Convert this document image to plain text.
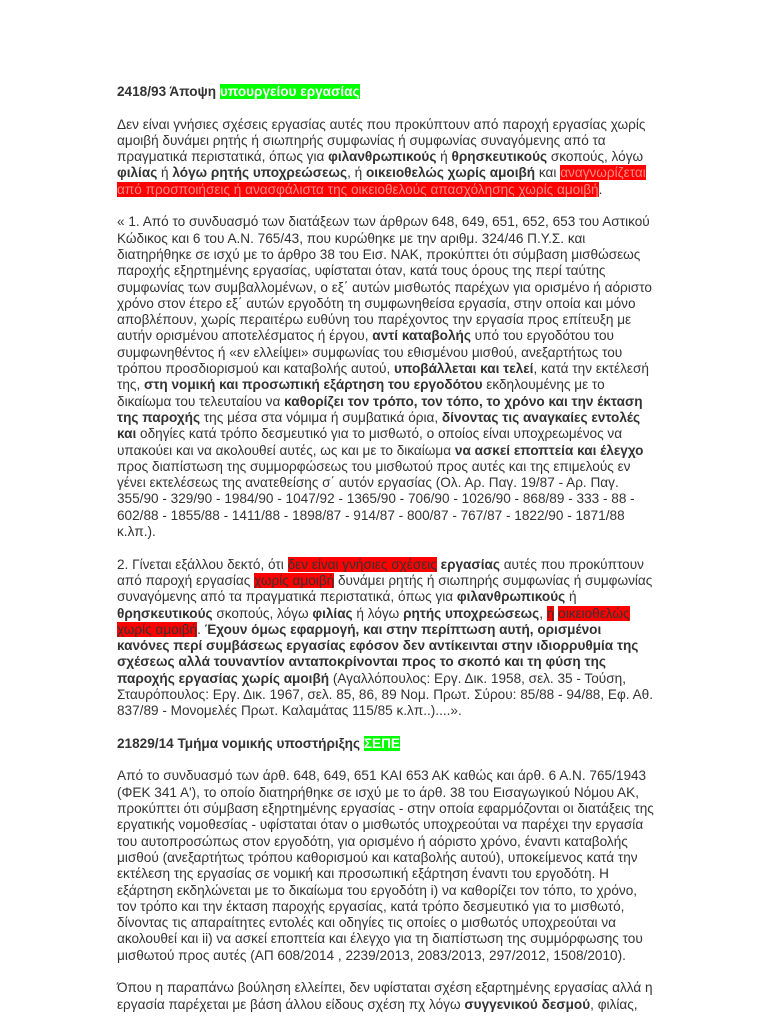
2418/93 Άποψη υπουργείου εργασίας

Δεν είναι γνήσιες σχέσεις εργασίας αυτές που προκύπτουν από παροχή εργασίας χωρίς αμοιβή δυνάμει ρητής ή σιωπηρής συμφωνίας ή συμφωνίας συναγόμενης από τα πραγματικά περιστατικά, όπως για φιλανθρωπικούς ή θρησκευτικούς σκοπούς, λόγω φιλίας ή λόγω ρητής υποχρεώσεως, ή οικειοθελώς χωρίς αμοιβή και αναγνωρίζεται από προσποιήσεις ή ανασφάλιστα της οικειοθελούς απασχόλησης χωρίς αμοιβή.

« 1. Από το συνδυασμό των διατάξεων των άρθρων 648, 649, 651, 652, 653 του Αστικού Κώδικος και 6 του Α.Ν. 765/43, που κυρώθηκε με την αριθμ. 324/46 Π.Υ.Σ. και διατηρήθηκε σε ισχύ με το άρθρο 38 του Εισ. ΝΑΚ, προκύπτει ότι σύμβαση μισθώσεως παροχής εξηρτημένης εργασίας, υφίσταται όταν, κατά τους όρους της περί ταύτης συμφωνίας των συμβαλλομένων, ο εξ΄ αυτών μισθωτός παρέχων για ορισμένο ή αόριστο χρόνο στον έτερο εξ΄ αυτών εργοδότη τη συμφωνηθείσα εργασία, στην οποία και μόνο αποβλέπουν, χωρίς περαιτέρω ευθύνη του παρέχοντος την εργασία προς επίτευξη με αυτήν ορισμένου αποτελέσματος ή έργου, αντί καταβολής υπό του εργοδότου του συμφωνηθέντος ή «εν ελλείψει» συμφωνίας του εθισμένου μισθού, ανεξαρτήτως του τρόπου προσδιορισμού και καταβολής αυτού, υποβάλλεται και τελεί, κατά την εκτέλεσή της, στη νομική και προσωπική εξάρτηση του εργοδότου εκδηλουμένης με το δικαίωμα του τελευταίου να καθορίζει τον τρόπο, τον τόπο, το χρόνο και την έκταση της παροχής της μέσα στα νόμιμα ή συμβατικά όρια, δίνοντας τις αναγκαίες εντολές και οδηγίες κατά τρόπο δεσμευτικό για το μισθωτό, ο οποίος είναι υποχρεωμένος να υπακούει και να ακολουθεί αυτές, ως και με το δικαίωμα να ασκεί εποπτεία και έλεγχο προς διαπίστωση της συμμορφώσεως του μισθωτού προς αυτές και της επιμελούς εν γένει εκτελέσεως της ανατεθείσης σ΄ αυτόν εργασίας (Ολ. Αρ. Παγ. 19/87 - Αρ. Παγ. 355/90 - 329/90 - 1984/90 - 1047/92 - 1365/90 - 706/90 - 1026/90 - 868/89 - 333 - 88 - 602/88 - 1855/88 - 1411/88 - 1898/87 - 914/87 - 800/87 - 767/87 - 1822/90 - 1871/88 κ.λπ.).

2. Γίνεται εξάλλου δεκτό, ότι δεν είναι γνήσιες σχέσεις εργασίας αυτές που προκύπτουν από παροχή εργασίας χωρίς αμοιβή δυνάμει ρητής ή σιωπηρής συμφωνίας ή συμφωνίας συναγόμενης από τα πραγματικά περιστατικά, όπως για φιλανθρωπικούς ή θρησκευτικούς σκοπούς, λόγω φιλίας ή λόγω ρητής υποχρεώσεως, ή οικειοθελώς χωρίς αμοιβή. Έχουν όμως εφαρμογή, και στην περίπτωση αυτή, ορισμένοι κανόνες περί συμβάσεως εργασίας εφόσον δεν αντίκεινται στην ιδιορρυθμία της σχέσεως αλλά τουναντίον ανταποκρίνονται προς το σκοπό και τη φύση της παροχής εργασίας χωρίς αμοιβή (Αγαλλόπουλος: Εργ. Δικ. 1958, σελ. 35 - Τούση, Σταυρόπουλος: Εργ. Δικ. 1967, σελ. 85, 86, 89 Νομ. Πρωτ. Σύρου: 85/88 - 94/88, Εφ. Αθ. 837/89 - Μονομελές Πρωτ. Καλαμάτας 115/85 κ.λπ..)....».

21829/14 Τμήμα νομικής υποστήριξης ΣΕΠΕ

Από το συνδυασμό των άρθ. 648, 649, 651 ΚΑΙ 653 ΑΚ καθώς και άρθ. 6 Α.Ν. 765/1943 (ΦΕΚ 341 Α'), το οποίο διατηρήθηκε σε ισχύ με το άρθ. 38 του Εισαγωγικού Νόμου ΑΚ, προκύπτει ότι σύμβαση εξηρτημένης εργασίας - στην οποία εφαρμόζονται οι διατάξεις της εργατικής νομοθεσίας - υφίσταται όταν ο μισθωτός υποχρεούται να παρέχει την εργασία του αυτοπροσώπως στον εργοδότη, για ορισμένο ή αόριστο χρόνο, έναντι καταβολής μισθού (ανεξαρτήτως τρόπου καθορισμού και καταβολής αυτού), υποκείμενος κατά την εκτέλεση της εργασίας σε νομική και προσωπική εξάρτηση έναντι του εργοδότη. Η εξάρτηση εκδηλώνεται με το δικαίωμα του εργοδότη i) να καθορίζει τον τόπο, το χρόνο, τον τρόπο και την έκταση παροχής εργασίας, κατά τρόπο δεσμευτικό για το μισθωτό, δίνοντας τις απαραίτητες εντολές και οδηγίες τις οποίες ο μισθωτός υποχρεούται να ακολουθεί και ii) να ασκεί εποπτεία και έλεγχο για τη διαπίστωση της συμμόρφωσης του μισθωτού προς αυτές (ΑΠ 608/2014 , 2239/2013, 2083/2013, 297/2012, 1508/2010).

Όπου η παραπάνω βούληση ελλείπει, δεν υφίσταται σχέση εξαρτημένης εργασίας αλλά η εργασία παρέχεται με βάση άλλου είδους σχέση πχ λόγω συγγενικού δεσμού, φιλίας,
